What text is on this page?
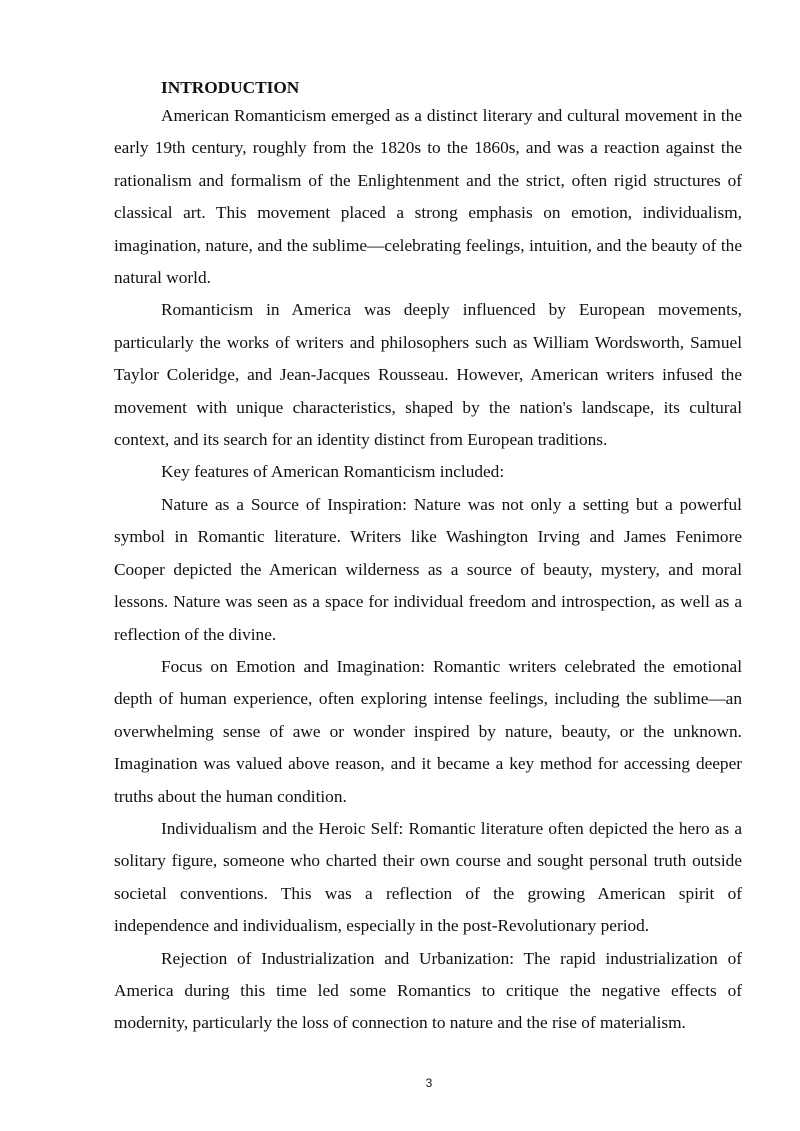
INTRODUCTION

American Romanticism emerged as a distinct literary and cultural movement in the early 19th century, roughly from the 1820s to the 1860s, and was a reaction against the rationalism and formalism of the Enlightenment and the strict, often rigid structures of classical art. This movement placed a strong emphasis on emotion, individualism, imagination, nature, and the sublime—celebrating feelings, intuition, and the beauty of the natural world.

Romanticism in America was deeply influenced by European movements, particularly the works of writers and philosophers such as William Wordsworth, Samuel Taylor Coleridge, and Jean-Jacques Rousseau. However, American writers infused the movement with unique characteristics, shaped by the nation's landscape, its cultural context, and its search for an identity distinct from European traditions.

Key features of American Romanticism included:

Nature as a Source of Inspiration: Nature was not only a setting but a powerful symbol in Romantic literature. Writers like Washington Irving and James Fenimore Cooper depicted the American wilderness as a source of beauty, mystery, and moral lessons. Nature was seen as a space for individual freedom and introspection, as well as a reflection of the divine.

Focus on Emotion and Imagination: Romantic writers celebrated the emotional depth of human experience, often exploring intense feelings, including the sublime—an overwhelming sense of awe or wonder inspired by nature, beauty, or the unknown. Imagination was valued above reason, and it became a key method for accessing deeper truths about the human condition.

Individualism and the Heroic Self: Romantic literature often depicted the hero as a solitary figure, someone who charted their own course and sought personal truth outside societal conventions. This was a reflection of the growing American spirit of independence and individualism, especially in the post-Revolutionary period.

Rejection of Industrialization and Urbanization: The rapid industrialization of America during this time led some Romantics to critique the negative effects of modernity, particularly the loss of connection to nature and the rise of materialism.

3
